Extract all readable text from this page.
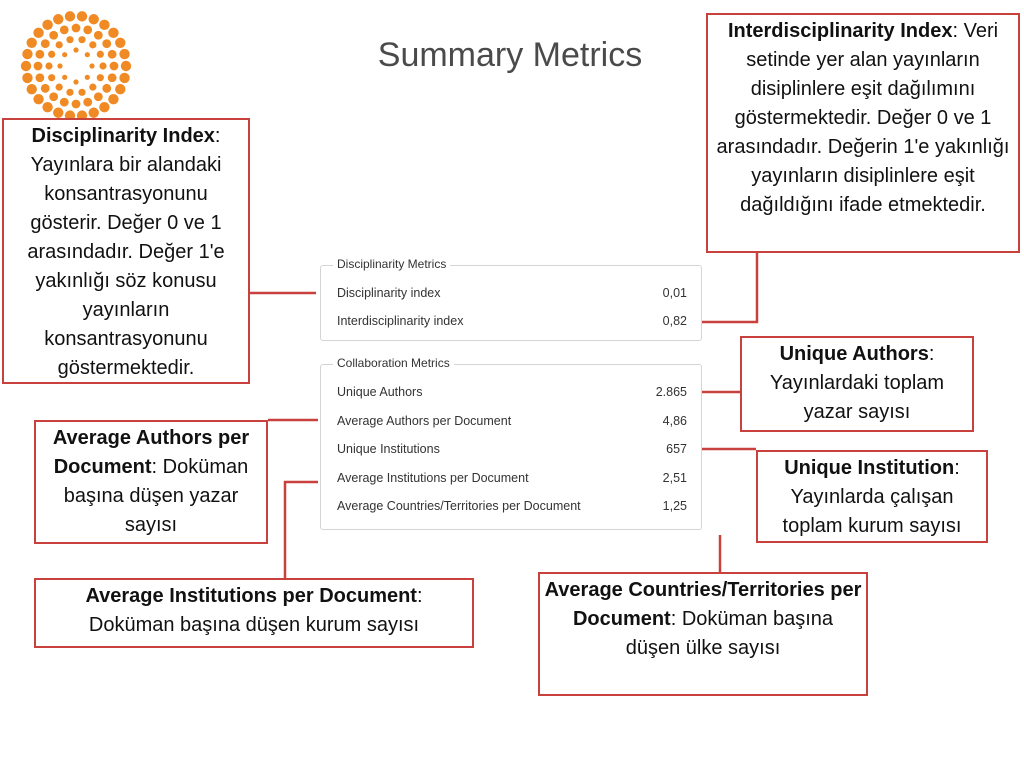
Summary Metrics
Disciplinarity Metrics
Disciplinarity index	0,01
Interdisciplinarity index	0,82
Collaboration Metrics
Unique Authors	2.865
Average Authors per Document	4,86
Unique Institutions	657
Average Institutions per Document	2,51
Average Countries/Territories per Document	1,25
Disciplinarity Index: Yayınlara bir alandaki konsantrasyonunu gösterir. Değer 0 ve 1 arasındadır. Değer 1'e yakınlığı söz konusu yayınların konsantrasyonunu göstermektedir.
Interdisciplinarity Index: Veri setinde yer alan yayınların disiplinlere eşit dağılımını göstermektedir. Değer 0 ve 1 arasındadır. Değerin 1'e yakınlığı yayınların disiplinlere eşit dağıldığını ifade etmektedir.
Unique Authors: Yayınlardaki toplam yazar sayısı
Average Authors per Document: Doküman başına düşen yazar sayısı
Unique Institution: Yayınlarda çalışan toplam kurum sayısı
Average Institutions per Document: Doküman başına düşen kurum sayısı
Average Countries/Territories per Document: Doküman başına düşen ülke sayısı
